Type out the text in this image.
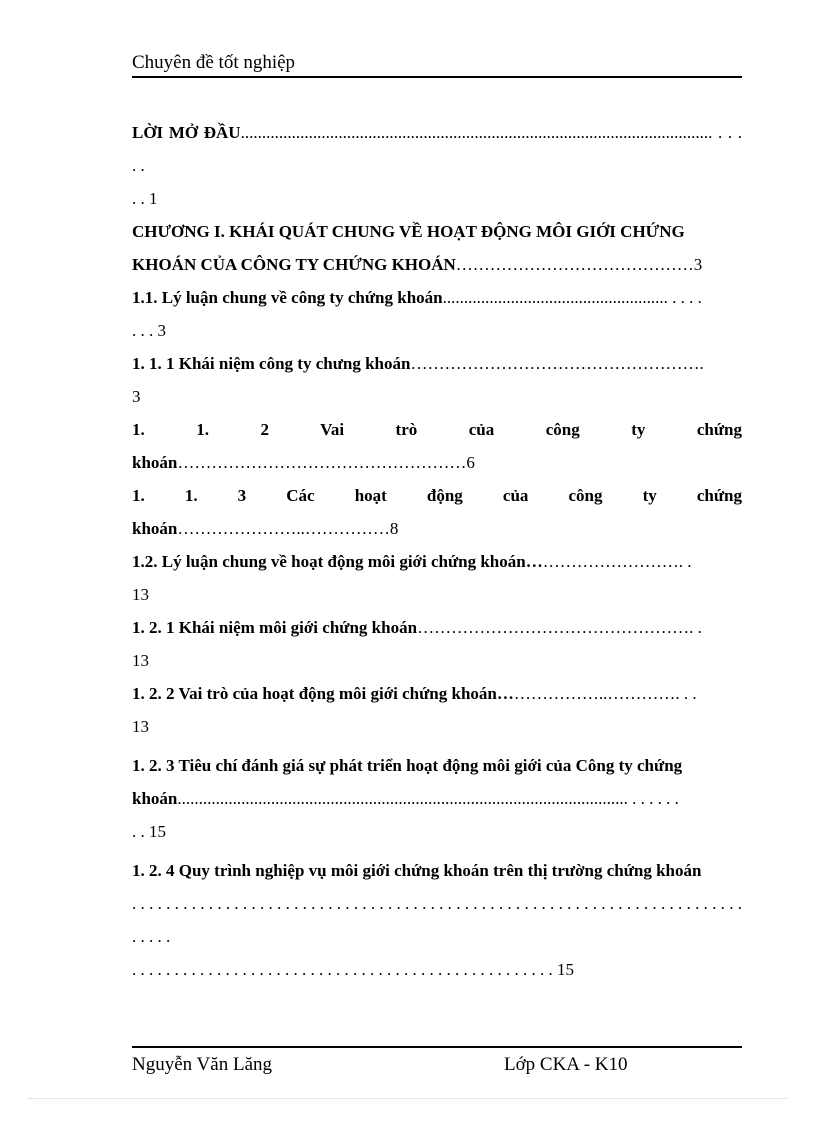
Chuyên đề tốt nghiệp
LỜI MỞ ĐẦU............................................................................................................... . . . . .
. . 1
CHƯƠNG I. KHÁI QUÁT CHUNG VỀ HOẠT ĐỘNG MÔI GIỚI CHỨNG
KHOÁN CỦA CÔNG TY CHỨNG KHOÁN……………………………………3
1.1. Lý luận chung về công ty chứng khoán..................................................... . . . .
. . . 3
1. 1. 1 Khái niệm công ty chưng khoán…………………………………………….
3
1. 1. 2 Vai trò của công ty chứng
khoán……………………………………………6
1. 1. 3 Các hoạt động của công ty chứng
khoán…………………..……………8
1.2. Lý luận chung về hoạt động môi giới chứng khoán………………………. .
13
1. 2. 1 Khái niệm môi giới chứng khoán…………………………………………. .
13
1. 2. 2 Vai trò của hoạt động môi giới chứng khoán………………..…………. . .
13
1. 2. 3 Tiêu chí đánh giá sự phát triển hoạt động môi giới của Công ty chứng
khoán.......................................................................................................... . . . . . .
. . 15
1. 2. 4 Quy trình nghiệp vụ môi giới chứng khoán trên thị trường chứng khoán
. . . . . . . . . . . . . . . . . . . . . . . . . . . . . . . . . . . . . . . . . . . . . . . . . . . . . . . . . . . . . . . . . . . . . . . . . . . . .
. . . . . . . . . . . . . . . . . . . . . . . . . . . . . . . . . . . . . . . . . . . . . . . . . . 15
Nguyễn Văn Lăng	Lớp CKA - K10
